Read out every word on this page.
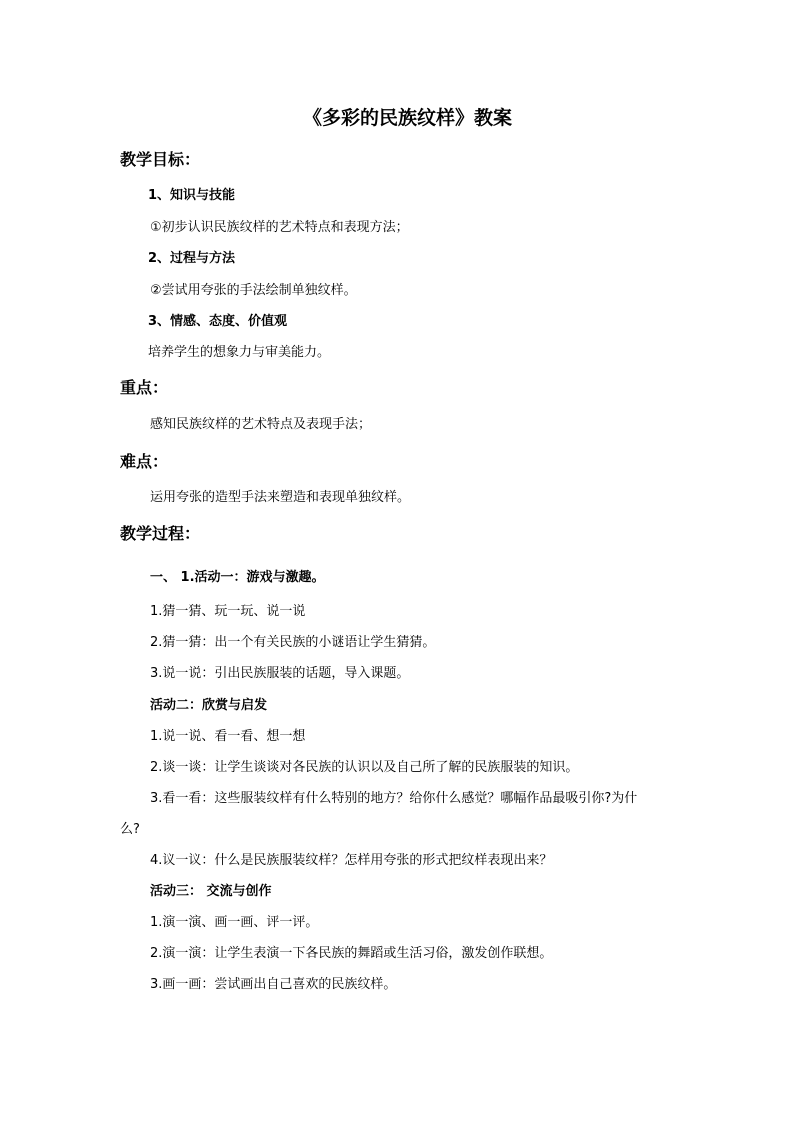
《多彩的民族纹样》教案
教学目标：
1、知识与技能
①初步认识民族纹样的艺术特点和表现方法；
2、过程与方法
②尝试用夸张的手法绘制单独纹样。
3、情感、态度、价值观
培养学生的想象力与审美能力。
重点：
感知民族纹样的艺术特点及表现手法；
难点：
运用夸张的造型手法来塑造和表现单独纹样。
教学过程：
一、 1.活动一：游戏与激趣。
1.猜一猜、玩一玩、说一说
2.猜一猜：出一个有关民族的小谜语让学生猜猜。
3.说一说：引出民族服装的话题，导入课题。
活动二：欣赏与启发
1.说一说、看一看、想一想
2.谈一谈：让学生谈谈对各民族的认识以及自己所了解的民族服装的知识。
3.看一看：这些服装纹样有什么特别的地方？给你什么感觉？哪幅作品最吸引你?为什
么?
4.议一议：什么是民族服装纹样？怎样用夸张的形式把纹样表现出来？
活动三： 交流与创作
1.演一演、画一画、评一评。
2.演一演：让学生表演一下各民族的舞蹈或生活习俗，激发创作联想。
3.画一画：尝试画出自己喜欢的民族纹样。
